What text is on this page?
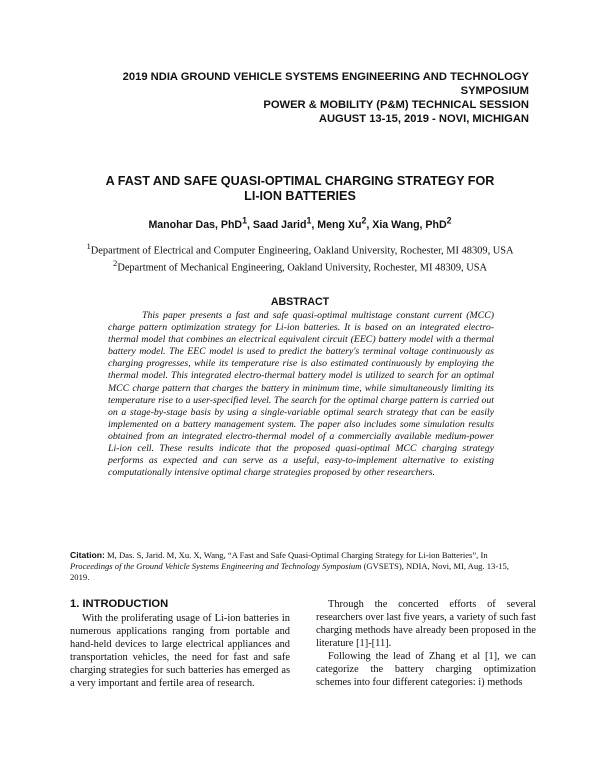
2019 NDIA GROUND VEHICLE SYSTEMS ENGINEERING AND TECHNOLOGY
SYMPOSIUM
POWER & MOBILITY (P&M) TECHNICAL SESSION
AUGUST 13-15, 2019 - NOVI, MICHIGAN
A FAST AND SAFE QUASI-OPTIMAL CHARGING STRATEGY FOR
LI-ION BATTERIES
Manohar Das, PhD$^1$, Saad Jarid$^1$, Meng Xu$^2$, Xia Wang, PhD$^2$
$^1$Department of Electrical and Computer Engineering, Oakland University, Rochester, MI 48309, USA
$^2$Department of Mechanical Engineering, Oakland University, Rochester, MI 48309, USA
ABSTRACT

This paper presents a fast and safe quasi-optimal multistage constant current (MCC) charge pattern optimization strategy for Li-ion batteries. It is based on an integrated electro-thermal model that combines an electrical equivalent circuit (EEC) battery model with a thermal battery model. The EEC model is used to predict the battery's terminal voltage continuously as charging progresses, while its temperature rise is also estimated continuously by employing the thermal model. This integrated electro-thermal battery model is utilized to search for an optimal MCC charge pattern that charges the battery in minimum time, while simultaneously limiting its temperature rise to a user-specified level. The search for the optimal charge pattern is carried out on a stage-by-stage basis by using a single-variable optimal search strategy that can be easily implemented on a battery management system. The paper also includes some simulation results obtained from an integrated electro-thermal model of a commercially available medium-power Li-ion cell. These results indicate that the proposed quasi-optimal MCC charging strategy performs as expected and can serve as a useful, easy-to-implement alternative to existing computationally intensive optimal charge strategies proposed by other researchers.

Citation: M, Das. S, Jarid. M, Xu. X, Wang, “A Fast and Safe Quasi-Optimal Charging Strategy for Li-ion Batteries”, In Proceedings of the Ground Vehicle Systems Engineering and Technology Symposium (GVSETS), NDIA, Novi, MI, Aug. 13-15, 2019.

1. INTRODUCTION

With the proliferating usage of Li-ion batteries in numerous applications ranging from portable and hand-held devices to large electrical appliances and transportation vehicles, the need for fast and safe charging strategies for such batteries has emerged as a very important and fertile area of research.

Through the concerted efforts of several researchers over last five years, a variety of such fast charging methods have already been proposed in the literature [1]-[11].

Following the lead of Zhang et al [1], we can categorize the battery charging optimization schemes into four different categories: i) methods
